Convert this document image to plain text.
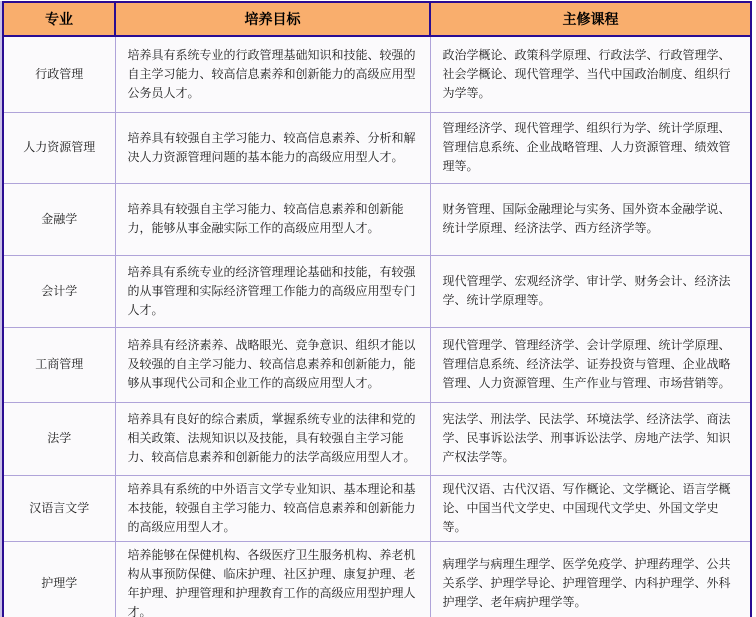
专业	培养目标	主修课程
行政管理	培养具有系统专业的行政管理基础知识和技能、较强的自主学习能力、较高信息素养和创新能力的高级应用型公务员人才。	政治学概论、政策科学原理、行政法学、行政管理学、社会学概论、现代管理学、当代中国政治制度、组织行为学等。
人力资源管理	培养具有较强自主学习能力、较高信息素养、分析和解决人力资源管理问题的基本能力的高级应用型人才。	管理经济学、现代管理学、组织行为学、统计学原理、管理信息系统、企业战略管理、人力资源管理、绩效管理等。
金融学	培养具有较强自主学习能力、较高信息素养和创新能力，能够从事金融实际工作的高级应用型人才。	财务管理、国际金融理论与实务、国外资本金融学说、统计学原理、经济法学、西方经济学等。
会计学	培养具有系统专业的经济管理理论基础和技能，有较强的从事管理和实际经济管理工作能力的高级应用型专门人才。	现代管理学、宏观经济学、审计学、财务会计、经济法学、统计学原理等。
工商管理	培养具有经济素养、战略眼光、竞争意识、组织才能以及较强的自主学习能力、较高信息素养和创新能力，能够从事现代公司和企业工作的高级应用型人才。	现代管理学、管理经济学、会计学原理、统计学原理、管理信息系统、经济法学、证券投资与管理、企业战略管理、人力资源管理、生产作业与管理、市场营销等。
法学	培养具有良好的综合素质，掌握系统专业的法律和党的相关政策、法规知识以及技能，具有较强自主学习能力、较高信息素养和创新能力的法学高级应用型人才。	宪法学、刑法学、民法学、环境法学、经济法学、商法学、民事诉讼法学、刑事诉讼法学、房地产法学、知识产权法学等。
汉语言文学	培养具有系统的中外语言文学专业知识、基本理论和基本技能，较强自主学习能力、较高信息素养和创新能力的高级应用型人才。	现代汉语、古代汉语、写作概论、文学概论、语言学概论、中国当代文学史、中国现代文学史、外国文学史等。
护理学	培养能够在保健机构、各级医疗卫生服务机构、养老机构从事预防保健、临床护理、社区护理、康复护理、老年护理、护理管理和护理教育工作的高级应用型护理人才。	病理学与病理生理学、医学免疫学、护理药理学、公共关系学、护理学导论、护理管理学、内科护理学、外科护理学、老年病护理学等。
